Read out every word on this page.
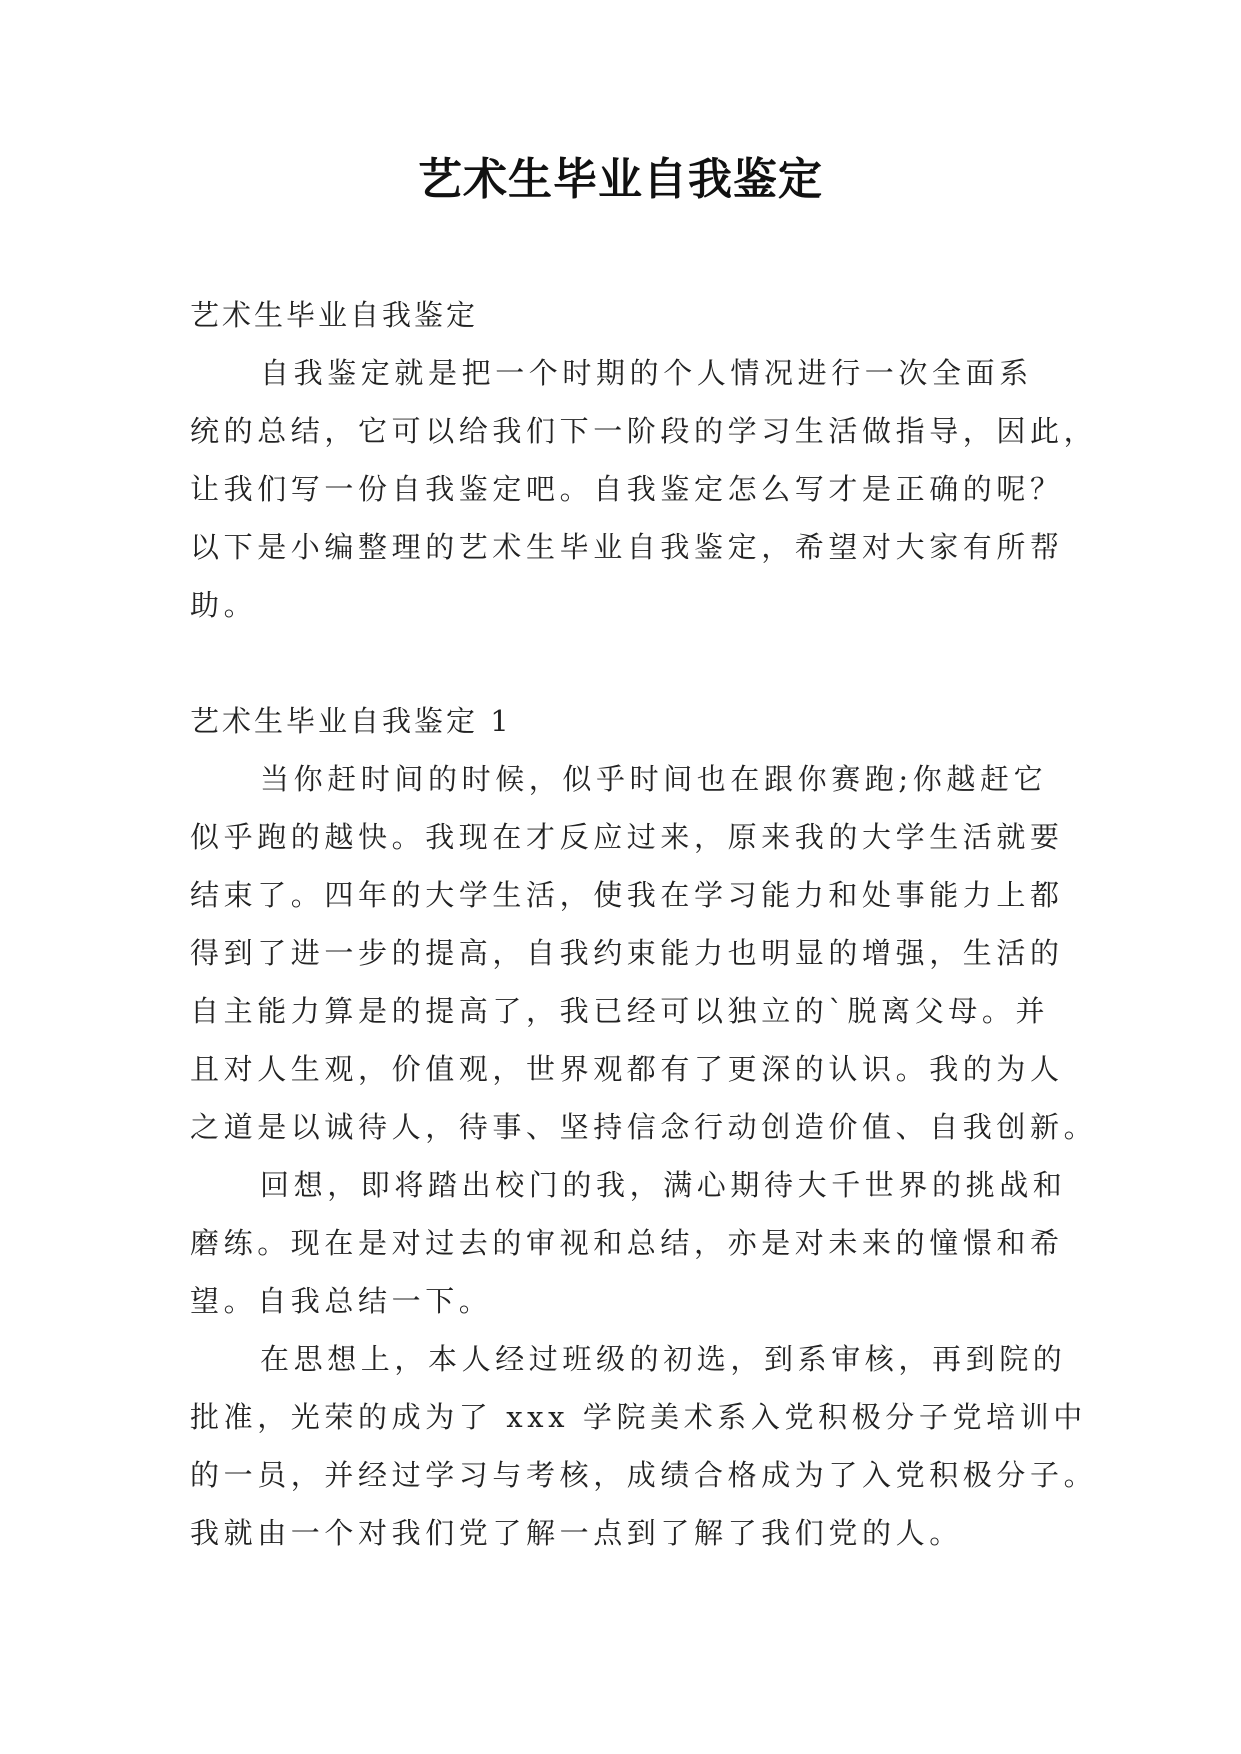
艺术生毕业自我鉴定
艺术生毕业自我鉴定
自我鉴定就是把一个时期的个人情况进行一次全面系
统的总结，它可以给我们下一阶段的学习生活做指导，因此，
让我们写一份自我鉴定吧。自我鉴定怎么写才是正确的呢？
以下是小编整理的艺术生毕业自我鉴定，希望对大家有所帮
助。
艺术生毕业自我鉴定 1
当你赶时间的时候，似乎时间也在跟你赛跑;你越赶它
似乎跑的越快。我现在才反应过来，原来我的大学生活就要
结束了。四年的大学生活，使我在学习能力和处事能力上都
得到了进一步的提高，自我约束能力也明显的增强，生活的
自主能力算是的提高了，我已经可以独立的`脱离父母。并
且对人生观，价值观，世界观都有了更深的认识。我的为人
之道是以诚待人，待事、坚持信念行动创造价值、自我创新。
回想，即将踏出校门的我，满心期待大千世界的挑战和
磨练。现在是对过去的审视和总结，亦是对未来的憧憬和希
望。自我总结一下。
在思想上，本人经过班级的初选，到系审核，再到院的
批准，光荣的成为了 xxx 学院美术系入党积极分子党培训中
的一员，并经过学习与考核，成绩合格成为了入党积极分子。
我就由一个对我们党了解一点到了解了我们党的人。
